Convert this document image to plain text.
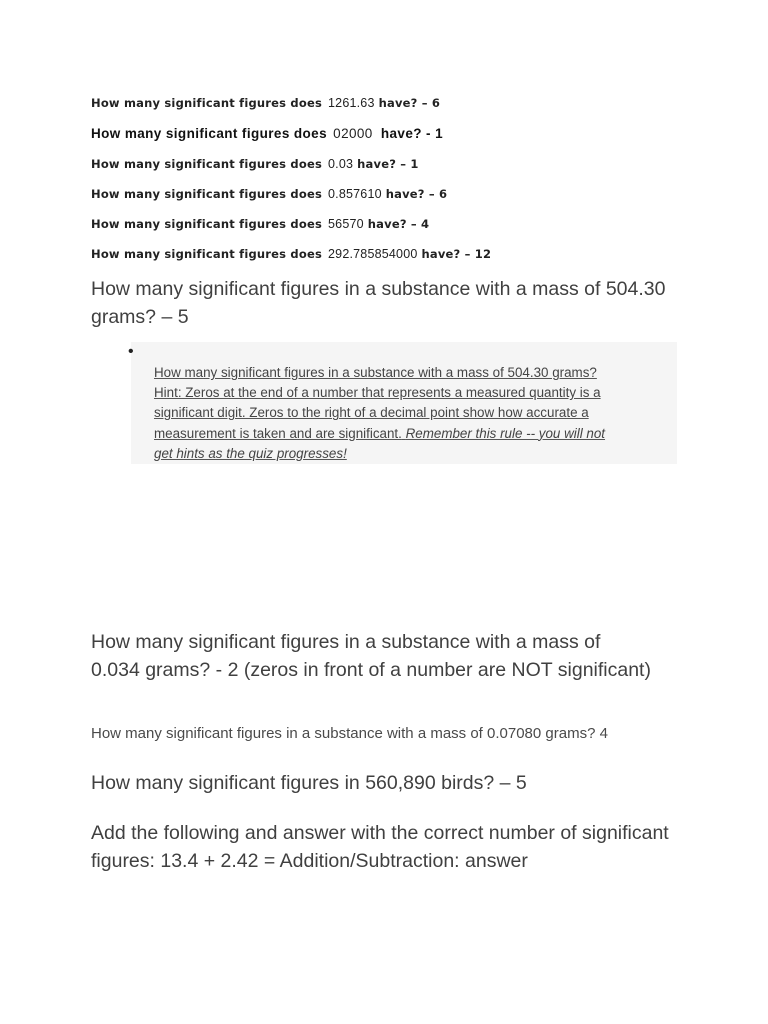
How many significant figures does 1261.63 have? – 6

How many significant figures does 02000 have? - 1

How many significant figures does 0.03 have? – 1

How many significant figures does 0.857610 have? – 6

How many significant figures does 56570 have? – 4

How many significant figures does 292.785854000 have? – 12

How many significant figures in a substance with a mass of 504.30 grams? – 5

•

How many significant figures in a substance with a mass of 504.30 grams?
Hint: Zeros at the end of a number that represents a measured quantity is a
significant digit. Zeros to the right of a decimal point show how accurate a
measurement is taken and are significant. Remember this rule -- you will not
get hints as the quiz progresses!

How many significant figures in a substance with a mass of 0.034 grams? - 2 (zeros in front of a number are NOT significant)

How many significant figures in a substance with a mass of 0.07080 grams? 4

How many significant figures in 560,890 birds? – 5

Add the following and answer with the correct number of significant figures: 13.4 + 2.42 = Addition/Subtraction: answer
